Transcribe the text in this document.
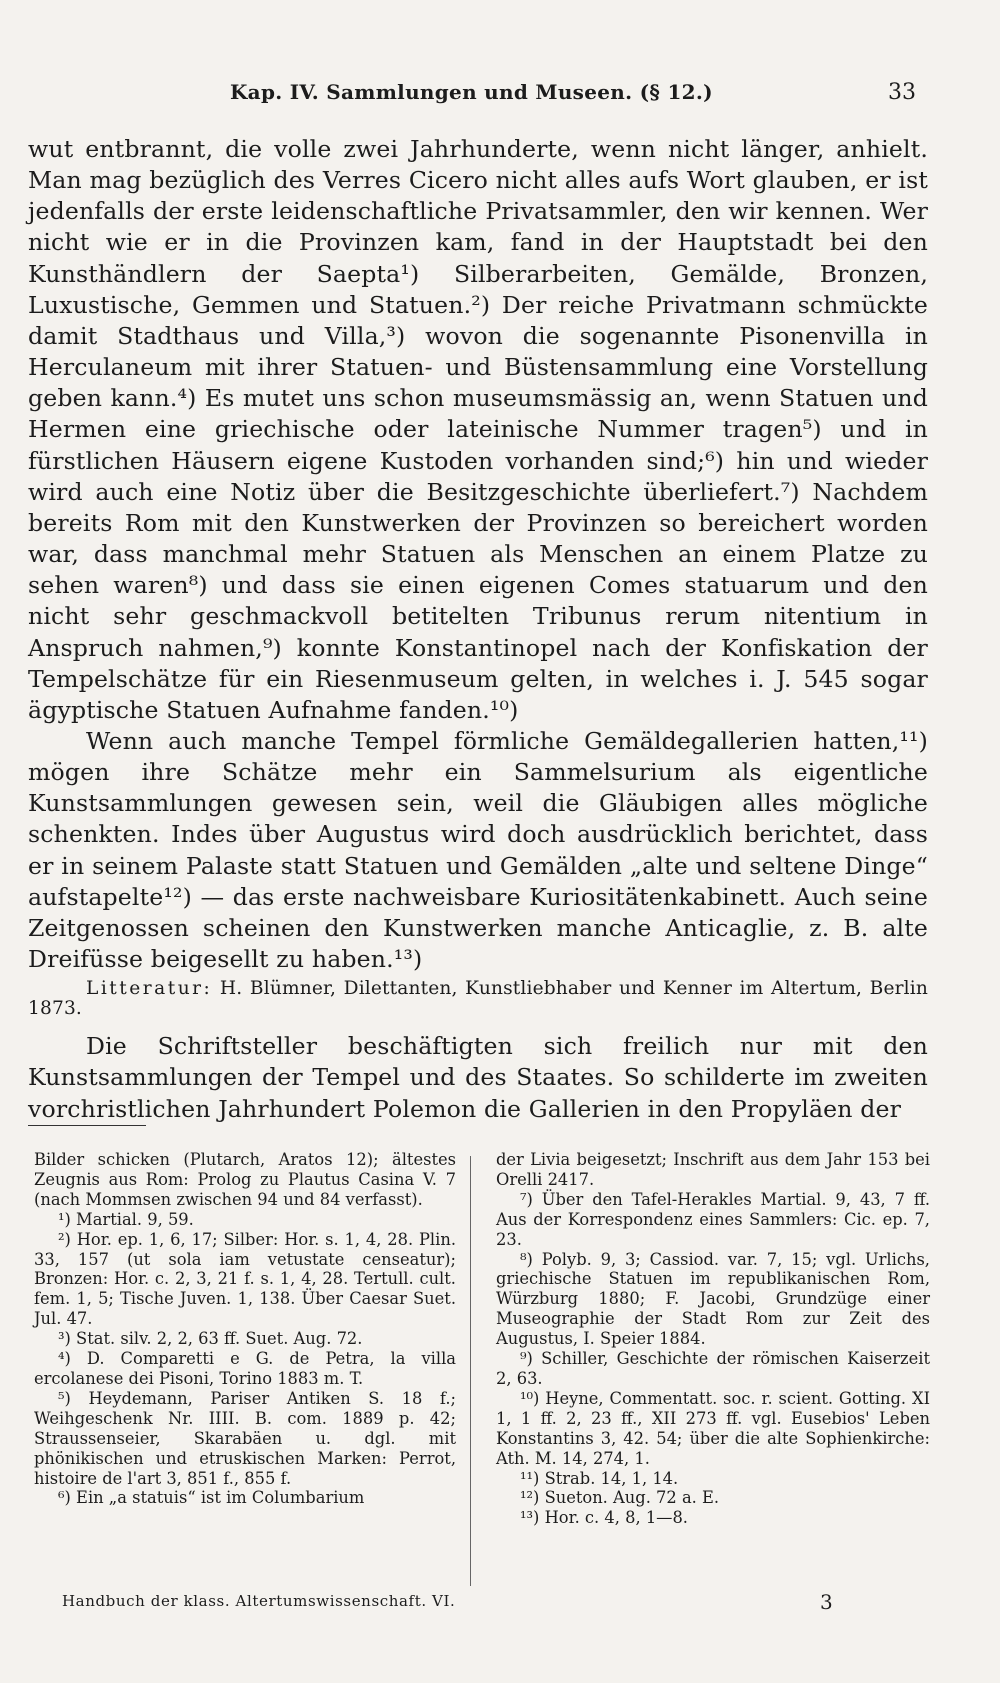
Kap. IV. Sammlungen und Museen. (§ 12.)	33

wut entbrannt, die volle zwei Jahrhunderte, wenn nicht länger, anhielt. Man mag bezüglich des Verres Cicero nicht alles aufs Wort glauben, er ist jedenfalls der erste leidenschaftliche Privatsammler, den wir kennen. Wer nicht wie er in die Provinzen kam, fand in der Hauptstadt bei den Kunsthändlern der Saepta¹) Silberarbeiten, Gemälde, Bronzen, Luxustische, Gemmen und Statuen.²) Der reiche Privatmann schmückte damit Stadthaus und Villa,³) wovon die sogenannte Pisonenvilla in Herculaneum mit ihrer Statuen- und Büstensammlung eine Vorstellung geben kann.⁴) Es mutet uns schon museumsmässig an, wenn Statuen und Hermen eine griechische oder lateinische Nummer tragen⁵) und in fürstlichen Häusern eigene Kustoden vorhanden sind;⁶) hin und wieder wird auch eine Notiz über die Besitzgeschichte überliefert.⁷) Nachdem bereits Rom mit den Kunstwerken der Provinzen so bereichert worden war, dass manchmal mehr Statuen als Menschen an einem Platze zu sehen waren⁸) und dass sie einen eigenen Comes statuarum und den nicht sehr geschmackvoll betitelten Tribunus rerum nitentium in Anspruch nahmen,⁹) konnte Konstantinopel nach der Konfiskation der Tempelschätze für ein Riesenmuseum gelten, in welches i. J. 545 sogar ägyptische Statuen Aufnahme fanden.¹⁰)

Wenn auch manche Tempel förmliche Gemäldegallerien hatten,¹¹) mögen ihre Schätze mehr ein Sammelsurium als eigentliche Kunstsammlungen gewesen sein, weil die Gläubigen alles mögliche schenkten. Indes über Augustus wird doch ausdrücklich berichtet, dass er in seinem Palaste statt Statuen und Gemälden „alte und seltene Dinge“ aufstapelte¹²) — das erste nachweisbare Kuriositätenkabinett. Auch seine Zeitgenossen scheinen den Kunstwerken manche Anticaglie, z. B. alte Dreifüsse beigesellt zu haben.¹³)

Litteratur: H. Blümner, Dilettanten, Kunstliebhaber und Kenner im Altertum, Berlin 1873.

Die Schriftsteller beschäftigten sich freilich nur mit den Kunstsammlungen der Tempel und des Staates. So schilderte im zweiten vorchristlichen Jahrhundert Polemon die Gallerien in den Propyläen der

Bilder schicken (Plutarch, Aratos 12); ältestes Zeugnis aus Rom: Prolog zu Plautus Casina V. 7 (nach Mommsen zwischen 94 und 84 verfasst).

¹) Martial. 9, 59.

²) Hor. ep. 1, 6, 17; Silber: Hor. s. 1, 4, 28. Plin. 33, 157 (ut sola iam vetustate censeatur); Bronzen: Hor. c. 2, 3, 21 f. s. 1, 4, 28. Tertull. cult. fem. 1, 5; Tische Juven. 1, 138. Über Caesar Suet. Jul. 47.

³) Stat. silv. 2, 2, 63 ff. Suet. Aug. 72.

⁴) D. Comparetti e G. de Petra, la villa ercolanese dei Pisoni, Torino 1883 m. T.

⁵) Heydemann, Pariser Antiken S. 18 f.; Weihgeschenk Nr. IIII. B. com. 1889 p. 42; Straussenseier, Skarabäen u. dgl. mit phönikischen und etruskischen Marken: Perrot, histoire de l'art 3, 851 f., 855 f.

⁶) Ein „a statuis“ ist im Columbarium

der Livia beigesetzt; Inschrift aus dem Jahr 153 bei Orelli 2417.

⁷) Über den Tafel-Herakles Martial. 9, 43, 7 ff. Aus der Korrespondenz eines Sammlers: Cic. ep. 7, 23.

⁸) Polyb. 9, 3; Cassiod. var. 7, 15; vgl. Urlichs, griechische Statuen im republikanischen Rom, Würzburg 1880; F. Jacobi, Grundzüge einer Museographie der Stadt Rom zur Zeit des Augustus, I. Speier 1884.

⁹) Schiller, Geschichte der römischen Kaiserzeit 2, 63.

¹⁰) Heyne, Commentatt. soc. r. scient. Gotting. XI 1, 1 ff. 2, 23 ff., XII 273 ff. vgl. Eusebios' Leben Konstantins 3, 42. 54; über die alte Sophienkirche: Ath. M. 14, 274, 1.

¹¹) Strab. 14, 1, 14.

¹²) Sueton. Aug. 72 a. E.

¹³) Hor. c. 4, 8, 1—8.

Handbuch der klass. Altertumswissenschaft. VI.	3
